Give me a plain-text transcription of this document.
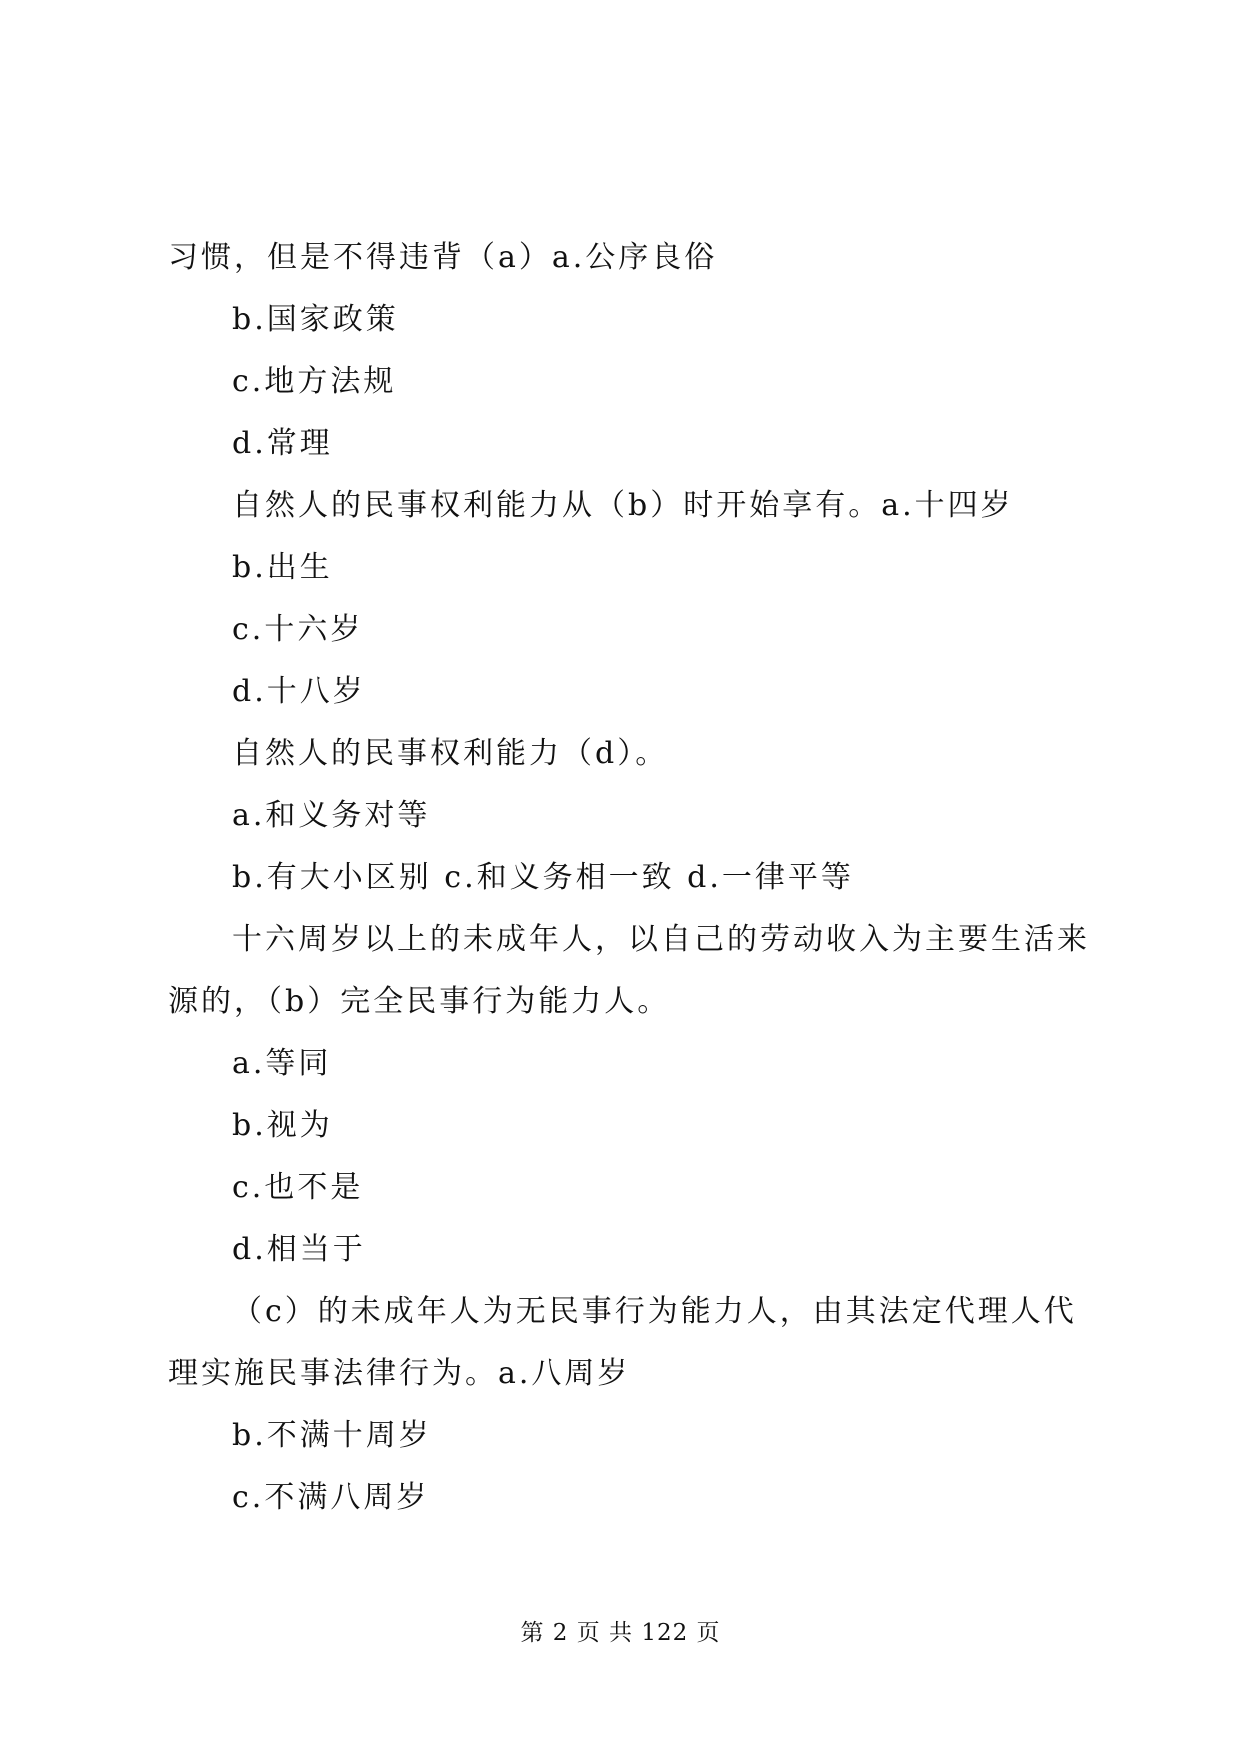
习惯，但是不得违背（a）a.公序良俗
b.国家政策
c.地方法规
d.常理
自然人的民事权利能力从（b）时开始享有。a.十四岁
b.出生
c.十六岁
d.十八岁
自然人的民事权利能力（d）。
a.和义务对等
b.有大小区别 c.和义务相一致 d.一律平等
十六周岁以上的未成年人，以自己的劳动收入为主要生活来
源的，（b）完全民事行为能力人。
a.等同
b.视为
c.也不是
d.相当于
（c）的未成年人为无民事行为能力人，由其法定代理人代
理实施民事法律行为。a.八周岁
b.不满十周岁
c.不满八周岁
第 2 页 共 122 页
